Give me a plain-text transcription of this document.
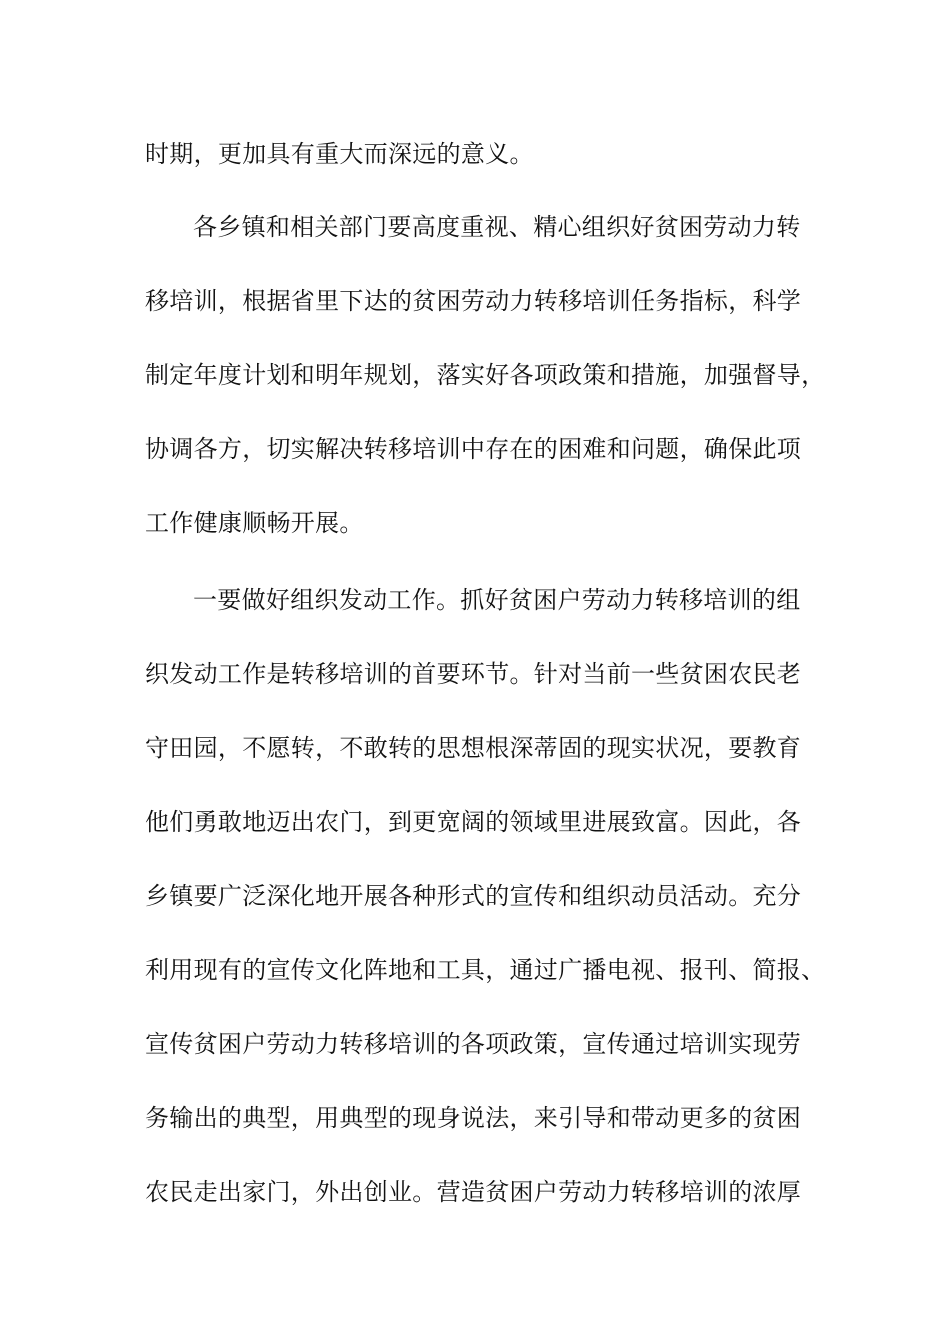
时期，更加具有重大而深远的意义。
各乡镇和相关部门要高度重视、精心组织好贫困劳动力转
移培训，根据省里下达的贫困劳动力转移培训任务指标，科学
制定年度计划和明年规划，落实好各项政策和措施，加强督导，
协调各方，切实解决转移培训中存在的困难和问题，确保此项
工作健康顺畅开展。
一要做好组织发动工作。抓好贫困户劳动力转移培训的组
织发动工作是转移培训的首要环节。针对当前一些贫困农民老
守田园，不愿转，不敢转的思想根深蒂固的现实状况，要教育
他们勇敢地迈出农门，到更宽阔的领域里进展致富。因此，各
乡镇要广泛深化地开展各种形式的宣传和组织动员活动。充分
利用现有的宣传文化阵地和工具，通过广播电视、报刊、简报、
宣传贫困户劳动力转移培训的各项政策，宣传通过培训实现劳
务输出的典型，用典型的现身说法，来引导和带动更多的贫困
农民走出家门，外出创业。营造贫困户劳动力转移培训的浓厚
